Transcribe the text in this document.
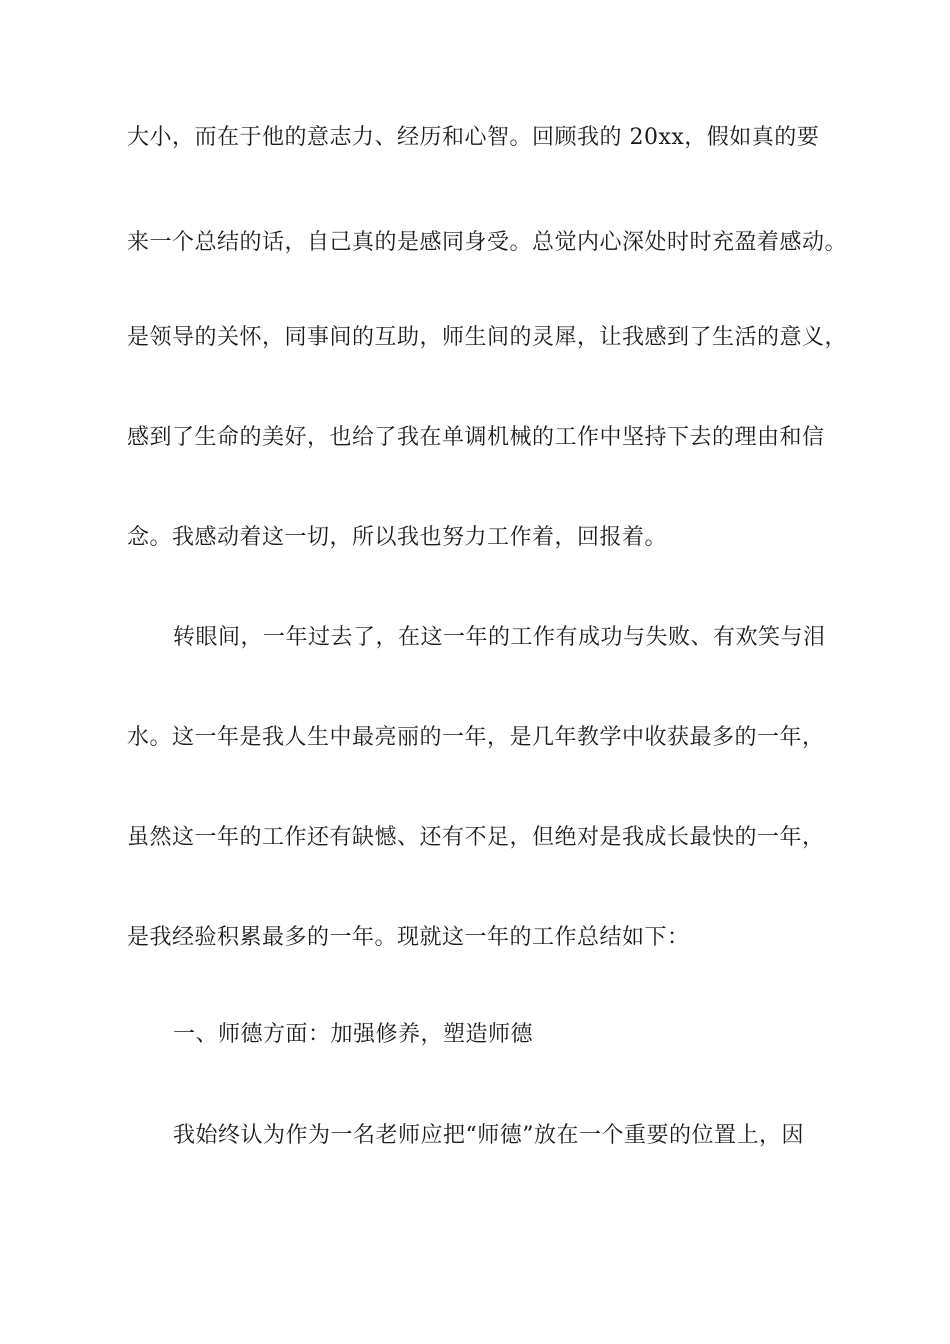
大小，而在于他的意志力、经历和心智。回顾我的 20xx，假如真的要
来一个总结的话，自己真的是感同身受。总觉内心深处时时充盈着感动。
是领导的关怀，同事间的互助，师生间的灵犀，让我感到了生活的意义，
感到了生命的美好，也给了我在单调机械的工作中坚持下去的理由和信
念。我感动着这一切，所以我也努力工作着，回报着。
转眼间，一年过去了，在这一年的工作有成功与失败、有欢笑与泪
水。这一年是我人生中最亮丽的一年，是几年教学中收获最多的一年，
虽然这一年的工作还有缺憾、还有不足，但绝对是我成长最快的一年，
是我经验积累最多的一年。现就这一年的工作总结如下：
一、师德方面：加强修养，塑造师德
我始终认为作为一名老师应把“师德”放在一个重要的位置上，因
